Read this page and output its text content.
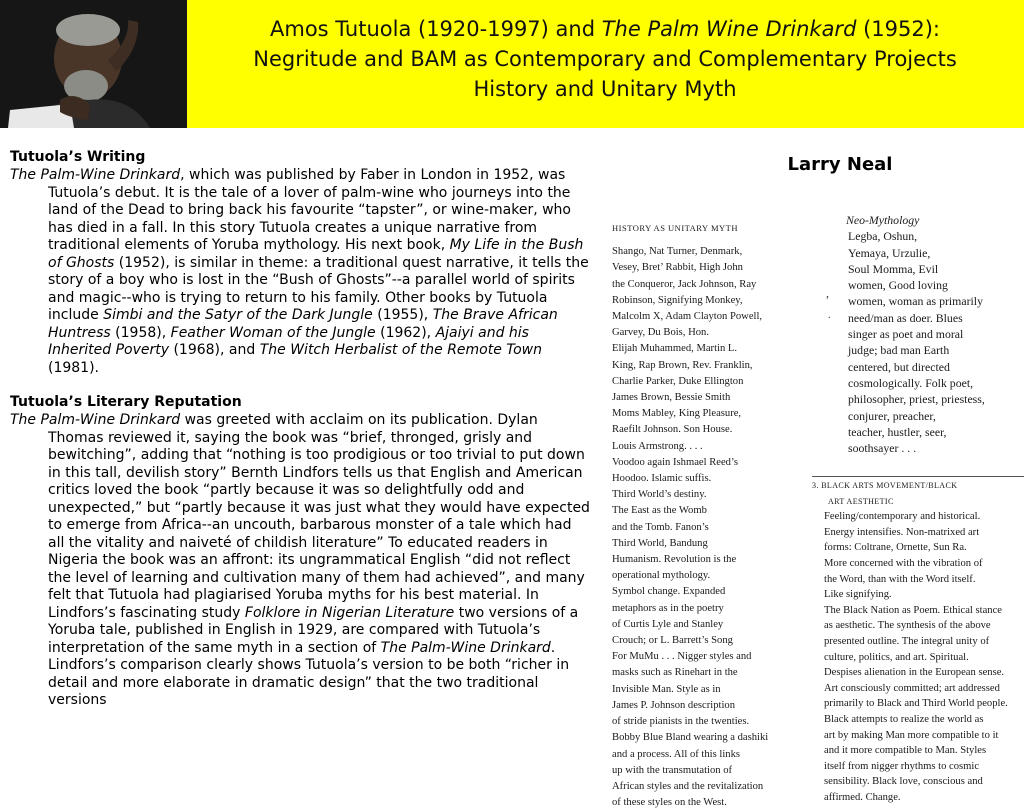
Amos Tutuola (1920-1997) and The Palm Wine Drinkard (1952):
Negritude and BAM as Contemporary and Complementary Projects
History and Unitary Myth
Tutuola’s Writing

The Palm-Wine Drinkard, which was published by Faber in London in 1952, was Tutuola’s debut. It is the tale of a lover of palm-wine who journeys into the land of the Dead to bring back his favourite “tapster”, or wine-maker, who has died in a fall. In this story Tutuola creates a unique narrative from traditional elements of Yoruba mythology. His next book, My Life in the Bush of Ghosts (1952), is similar in theme: a traditional quest narrative, it tells the story of a boy who is lost in the “Bush of Ghosts”--a parallel world of spirits and magic--who is trying to return to his family. Other books by Tutuola include Simbi and the Satyr of the Dark Jungle (1955), The Brave African Huntress (1958), Feather Woman of the Jungle (1962), Ajaiyi and his Inherited Poverty (1968), and The Witch Herbalist of the Remote Town (1981).

Tutuola’s Literary Reputation

The Palm-Wine Drinkard was greeted with acclaim on its publication. Dylan Thomas reviewed it, saying the book was “brief, thronged, grisly and bewitching”, adding that “nothing is too prodigious or too trivial to put down in this tall, devilish story” Bernth Lindfors tells us that English and American critics loved the book “partly because it was so delightfully odd and unexpected,” but “partly because it was just what they would have expected to emerge from Africa--an uncouth, barbarous monster of a tale which had all the vitality and naiveté of childish literature” To educated readers in Nigeria the book was an affront: its ungrammatical English “did not reflect the level of learning and cultivation many of them had achieved”, and many felt that Tutuola had plagiarised Yoruba myths for his best material. In Lindfors’s fascinating study Folklore in Nigerian Literature two versions of a Yoruba tale, published in English in 1929, are compared with Tutuola’s interpretation of the same myth in a section of The Palm-Wine Drinkard. Lindfors’s comparison clearly shows Tutuola’s version to be both “richer in detail and more elaborate in dramatic design” that the two traditional versions

Larry Neal
HISTORY AS UNITARY MYTH
Shango, Nat Turner, Denmark,
Vesey, Bret’ Rabbit, High John
the Conqueror, Jack Johnson, Ray
Robinson, Signifying Monkey,
Malcolm X, Adam Clayton Powell,
Garvey, Du Bois, Hon.
Elijah Muhammed, Martin L.
King, Rap Brown, Rev. Franklin,
Charlie Parker, Duke Ellington
James Brown, Bessie Smith
Moms Mabley, King Pleasure,
Raefilt Johnson. Son House.
Louis Armstrong. . . .
Voodoo again Ishmael Reed’s
Hoodoo. Islamic suffis.
Third World’s destiny.
The East as the Womb
and the Tomb. Fanon’s
Third World, Bandung
Humanism. Revolution is the
operational mythology.
Symbol change. Expanded
metaphors as in the poetry
of Curtis Lyle and Stanley
Crouch; or L. Barrett’s Song
For MuMu . . . Nigger styles and
masks such as Rinehart in the
Invisible Man. Style as in
James P. Johnson description
of stride pianists in the twenties.
Bobby Blue Bland wearing a dashiki
and a process. All of this links
up with the transmutation of
African styles and the revitalization
of these styles on the West.
Neo-Mythology
Legba, Oshun,
Yemaya, Urzulie,
Soul Momma, Evil
women, Good loving
women, woman as primarily
need/man as doer. Blues
singer as poet and moral
judge; bad man Earth
centered, but directed
cosmologically. Folk poet,
philosopher, priest, priestess,
conjurer, preacher,
teacher, hustler, seer,
soothsayer . . .
,
.
3. BLACK ARTS MOVEMENT/BLACK
ART AESTHETIC
Feeling/contemporary and historical.
Energy intensifies. Non-matrixed art
forms: Coltrane, Ornette, Sun Ra.
More concerned with the vibration of
the Word, than with the Word itself.
Like signifying.
The Black Nation as Poem. Ethical stance
as aesthetic. The synthesis of the above
presented outline. The integral unity of
culture, politics, and art. Spiritual.
Despises alienation in the European sense.
Art consciously committed; art addressed
primarily to Black and Third World people.
Black attempts to realize the world as
art by making Man more compatible to it
and it more compatible to Man. Styles
itself from nigger rhythms to cosmic
sensibility. Black love, conscious and
affirmed. Change.
